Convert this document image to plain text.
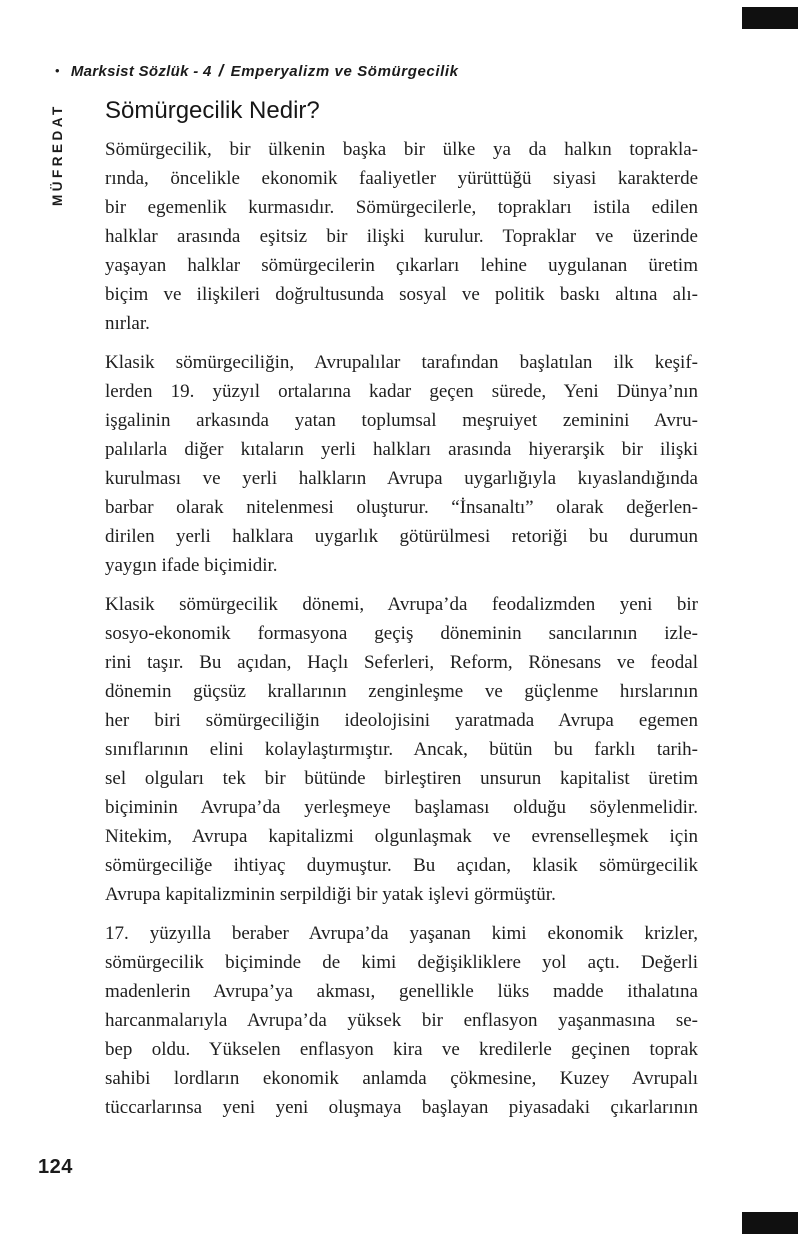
• Marksist Sözlük - 4 / Emperyalizm ve Sömürgecilik
MÜFREDAT Sömürgecilik Nedir?
Sömürgecilik, bir ülkenin başka bir ülke ya da halkın toprakla-
rında, öncelikle ekonomik faaliyetler yürüttüğü siyasi karakterde
bir egemenlik kurmasıdır. Sömürgecilerle, toprakları istila edilen
halklar arasında eşitsiz bir ilişki kurulur. Topraklar ve üzerinde
yaşayan halklar sömürgecilerin çıkarları lehine uygulanan üretim
biçim ve ilişkileri doğrultusunda sosyal ve politik baskı altına alı-
nırlar.
Klasik sömürgeciliğin, Avrupalılar tarafından başlatılan ilk keşif-
lerden 19. yüzyıl ortalarına kadar geçen sürede, Yeni Dünya’nın
işgalinin arkasında yatan toplumsal meşruiyet zeminini Avru-
palılarla diğer kıtaların yerli halkları arasında hiyerarşik bir ilişki
kurulması ve yerli halkların Avrupa uygarlığıyla kıyaslandığında
barbar olarak nitelenmesi oluşturur. “İnsanaltı” olarak değerlen-
dirilen yerli halklara uygarlık götürülmesi retoriği bu durumun
yaygın ifade biçimidir.
Klasik sömürgecilik dönemi, Avrupa’da feodalizmden yeni bir
sosyo-ekonomik formasyona geçiş döneminin sancılarının izle-
rini taşır. Bu açıdan, Haçlı Seferleri, Reform, Rönesans ve feodal
dönemin güçsüz krallarının zenginleşme ve güçlenme hırslarının
her biri sömürgeciliğin ideolojisini yaratmada Avrupa egemen
sınıflarının elini kolaylaştırmıştır. Ancak, bütün bu farklı tarih-
sel olguları tek bir bütünde birleştiren unsurun kapitalist üretim
biçiminin Avrupa’da yerleşmeye başlaması olduğu söylenmelidir.
Nitekim, Avrupa kapitalizmi olgunlaşmak ve evrenselleşmek için
sömürgeciliğe ihtiyaç duymuştur. Bu açıdan, klasik sömürgecilik
Avrupa kapitalizminin serpildiği bir yatak işlevi görmüştür.
17. yüzyılla beraber Avrupa’da yaşanan kimi ekonomik krizler,
sömürgecilik biçiminde de kimi değişikliklere yol açtı. Değerli
madenlerin Avrupa’ya akması, genellikle lüks madde ithalatına
harcanmalarıyla Avrupa’da yüksek bir enflasyon yaşanmasına se-
bep oldu. Yükselen enflasyon kira ve kredilerle geçinen toprak
sahibi lordların ekonomik anlamda çökmesine, Kuzey Avrupalı
tüccarlarınsa yeni yeni oluşmaya başlayan piyasadaki çıkarlarının
124
